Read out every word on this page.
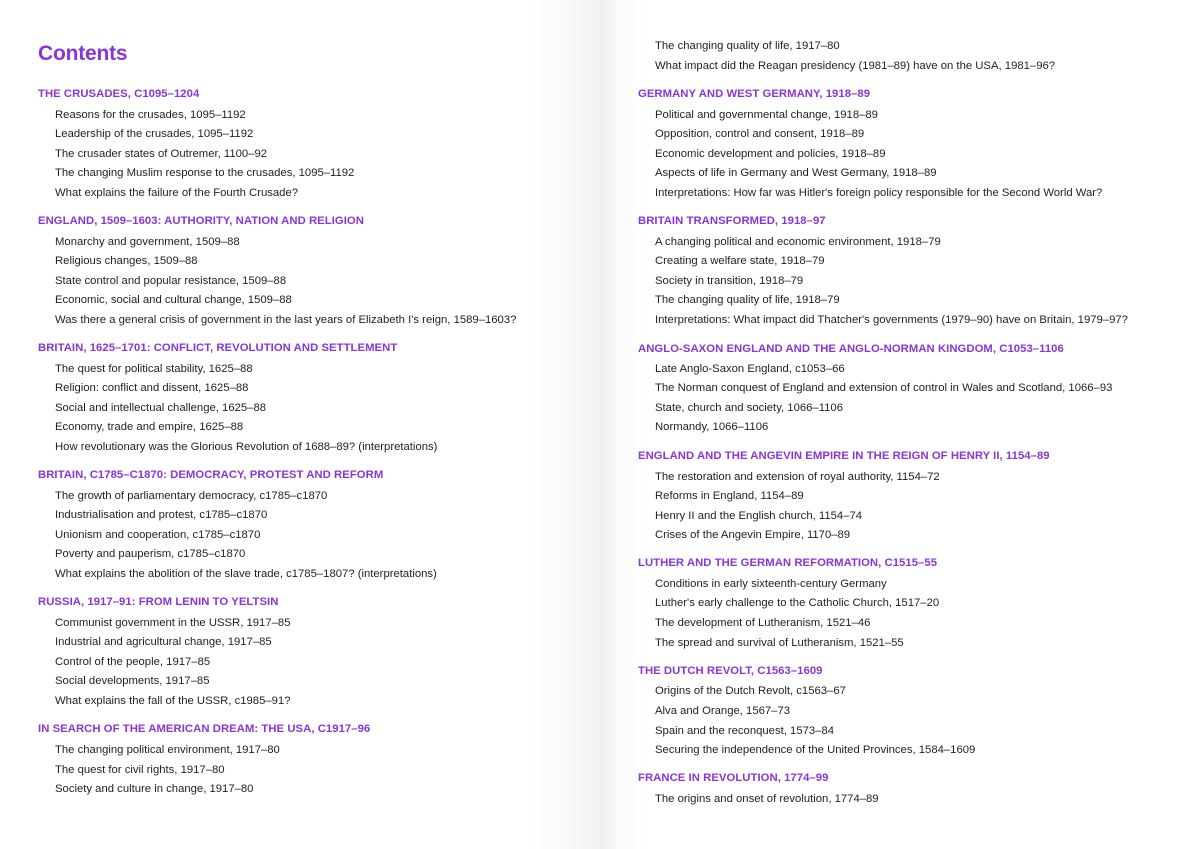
Contents
THE CRUSADES, C1095–1204
Reasons for the crusades, 1095–1192
Leadership of the crusades, 1095–1192
The crusader states of Outremer, 1100–92
The changing Muslim response to the crusades, 1095–1192
What explains the failure of the Fourth Crusade?
ENGLAND, 1509–1603: AUTHORITY, NATION AND RELIGION
Monarchy and government, 1509–88
Religious changes, 1509–88
State control and popular resistance, 1509–88
Economic, social and cultural change, 1509–88
Was there a general crisis of government in the last years of Elizabeth I's reign, 1589–1603?
BRITAIN, 1625–1701: CONFLICT, REVOLUTION AND SETTLEMENT
The quest for political stability, 1625–88
Religion: conflict and dissent, 1625–88
Social and intellectual challenge, 1625–88
Economy, trade and empire, 1625–88
How revolutionary was the Glorious Revolution of 1688–89? (interpretations)
BRITAIN, C1785–C1870: DEMOCRACY, PROTEST AND REFORM
The growth of parliamentary democracy, c1785–c1870
Industrialisation and protest, c1785–c1870
Unionism and cooperation, c1785–c1870
Poverty and pauperism, c1785–c1870
What explains the abolition of the slave trade, c1785–1807? (interpretations)
RUSSIA, 1917–91: FROM LENIN TO YELTSIN
Communist government in the USSR, 1917–85
Industrial and agricultural change, 1917–85
Control of the people, 1917–85
Social developments, 1917–85
What explains the fall of the USSR, c1985–91?
IN SEARCH OF THE AMERICAN DREAM: THE USA, C1917–96
The changing political environment, 1917–80
The quest for civil rights, 1917–80
Society and culture in change, 1917–80
The changing quality of life, 1917–80
What impact did the Reagan presidency (1981–89) have on the USA, 1981–96?
GERMANY AND WEST GERMANY, 1918–89
Political and governmental change, 1918–89
Opposition, control and consent, 1918–89
Economic development and policies, 1918–89
Aspects of life in Germany and West Germany, 1918–89
Interpretations: How far was Hitler's foreign policy responsible for the Second World War?
BRITAIN TRANSFORMED, 1918–97
A changing political and economic environment, 1918–79
Creating a welfare state, 1918–79
Society in transition, 1918–79
The changing quality of life, 1918–79
Interpretations: What impact did Thatcher's governments (1979–90) have on Britain, 1979–97?
ANGLO-SAXON ENGLAND AND THE ANGLO-NORMAN KINGDOM, C1053–1106
Late Anglo-Saxon England, c1053–66
The Norman conquest of England and extension of control in Wales and Scotland, 1066–93
State, church and society, 1066–1106
Normandy, 1066–1106
ENGLAND AND THE ANGEVIN EMPIRE IN THE REIGN OF HENRY II, 1154–89
The restoration and extension of royal authority, 1154–72
Reforms in England, 1154–89
Henry II and the English church, 1154–74
Crises of the Angevin Empire, 1170–89
LUTHER AND THE GERMAN REFORMATION, C1515–55
Conditions in early sixteenth-century Germany
Luther's early challenge to the Catholic Church, 1517–20
The development of Lutheranism, 1521–46
The spread and survival of Lutheranism, 1521–55
THE DUTCH REVOLT, C1563–1609
Origins of the Dutch Revolt, c1563–67
Alva and Orange, 1567–73
Spain and the reconquest, 1573–84
Securing the independence of the United Provinces, 1584–1609
FRANCE IN REVOLUTION, 1774–99
The origins and onset of revolution, 1774–89
